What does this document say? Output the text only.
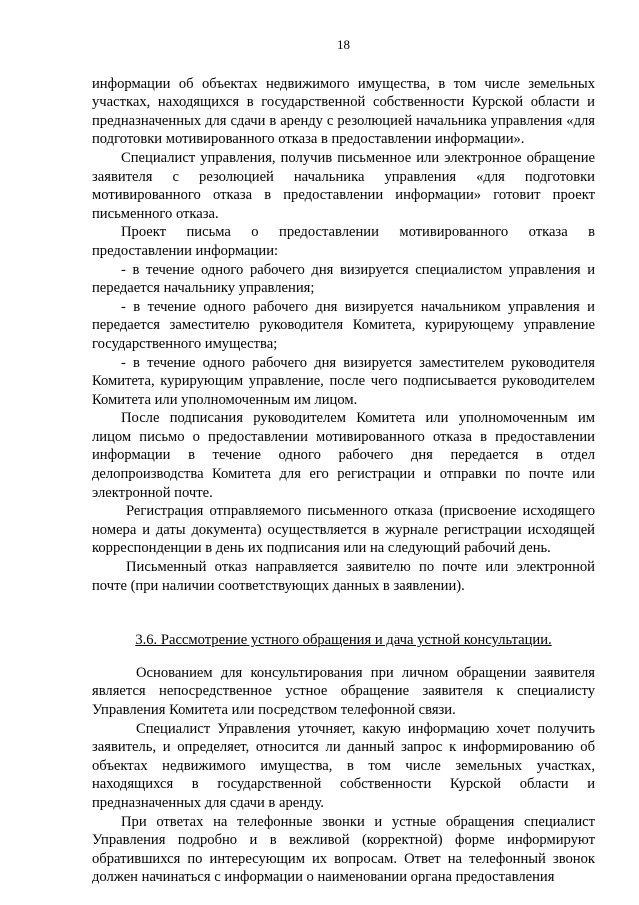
18

информации об объектах недвижимого имущества, в том числе земельных участках, находящихся в государственной собственности Курской области и предназначенных для сдачи в аренду с резолюцией начальника управления «для подготовки мотивированного отказа в предоставлении информации».

Специалист управления, получив письменное или электронное обращение заявителя с резолюцией начальника управления «для подготовки мотивированного отказа в предоставлении информации» готовит проект письменного отказа.

Проект письма о предоставлении мотивированного отказа в предоставлении информации:

- в течение одного рабочего дня визируется специалистом управления и передается начальнику управления;

- в течение одного рабочего дня визируется начальником управления и передается заместителю руководителя Комитета, курирующему управление государственного имущества;

- в течение одного рабочего дня визируется заместителем руководителя Комитета, курирующим управление, после чего подписывается руководителем Комитета или уполномоченным им лицом.

После подписания руководителем Комитета или уполномоченным им лицом письмо о предоставлении мотивированного отказа в предоставлении информации в течение одного рабочего дня передается в отдел делопроизводства Комитета для его регистрации и отправки по почте или электронной почте.

Регистрация отправляемого письменного отказа (присвоение исходящего номера и даты документа) осуществляется в журнале регистрации исходящей корреспонденции в день их подписания или на следующий рабочий день.

Письменный отказ направляется заявителю по почте или электронной почте (при наличии соответствующих данных в заявлении).

3.6. Рассмотрение устного обращения и дача устной консультации.

Основанием для консультирования при личном обращении заявителя является непосредственное устное обращение заявителя к специалисту Управления Комитета или посредством телефонной связи.

Специалист Управления уточняет, какую информацию хочет получить заявитель, и определяет, относится ли данный запрос к информированию об объектах недвижимого имущества, в том числе земельных участках, находящихся в государственной собственности Курской области и предназначенных для сдачи в аренду.

При ответах на телефонные звонки и устные обращения специалист Управления подробно и в вежливой (корректной) форме информируют обратившихся по интересующим их вопросам. Ответ на телефонный звонок должен начинаться с информации о наименовании органа предоставления
